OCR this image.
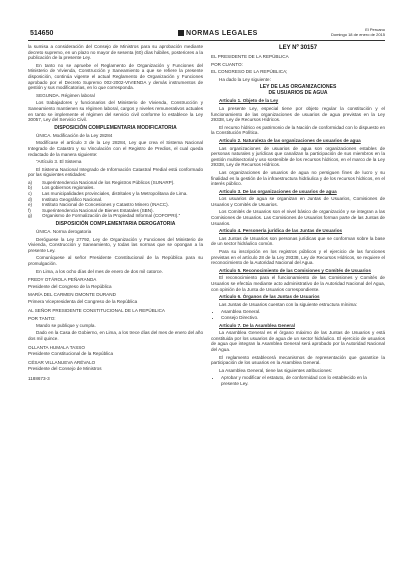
514650	NORMAS LEGALES
El Peruano
Domingo 18 de enero de 2015

la sumisa a consideración del Consejo de Ministros para su aprobación mediante decreto supremo, en un plazo no mayor de sesenta (60) días hábiles, posteriores a la publicación de la presente Ley.

En tanto no se apruebe el Reglamento de Organización y Funciones del Ministerio de Vivienda, Construcción y Saneamiento a que se refiere la presente disposición, continúa vigente el actual Reglamento de Organización y Funciones aprobado por el Decreto Supremo 002-2002-VIVIENDA y demás instrumentos de gestión y sus modificatorias, en lo que corresponda.

SEGUNDA. Régimen laboral

Los trabajadores y funcionarios del Ministerio de Vivienda, Construcción y Saneamiento mantienen su régimen laboral, cargos y niveles remunerativos actuales en tanto se implemente el régimen del servicio civil conforme lo establece la Ley 30057, Ley del Servicio Civil.

DISPOSICIÓN COMPLEMENTARIA MODIFICATORIA

ÚNICA. Modificación de la Ley 28284

Modifícase el artículo 3 de la Ley 28284, Ley que crea el Sistema Nacional Integrado de Catastro y su Vinculación con el Registro de Predios, el cual queda redactado de la manera siguiente:

“Artículo 3. El Sistema

El Sistema Nacional Integrado de Información Catastral Predial está conformado por las siguientes entidades:

a)	Superintendencia Nacional de los Registros Públicos (SUNARP).
b)	Los gobiernos regionales.
c)	Las municipalidades provinciales, distritales y la Metropolitana de Lima.
d)	Instituto Geográfico Nacional.
e)	Instituto Nacional de Concesiones y Catastro Minero (INACC).
f)	Superintendencia Nacional de Bienes Estatales (SBN).
g)	Organismo de Formalización de la Propiedad Informal (COFOPRI).”

DISPOSICIÓN COMPLEMENTARIA DEROGATORIA

ÚNICA. Norma derogatoria

Deróguese la Ley 27792, Ley de Organización y Funciones del Ministerio de Vivienda, Construcción y Saneamiento, y todas las normas que se opongan a la presente Ley.

Comuníquese al señor Presidente Constitucional de la República para su promulgación.

En Lima, a los ocho días del mes de enero de dos mil catorce.

FREDY OTÁROLA PEÑARANDA

Presidente del Congreso de la República

MARÍA DEL CARMEN OMONTE DURAND

Primera Vicepresidenta del Congreso de la República

AL SEÑOR PRESIDENTE CONSTITUCIONAL DE LA REPÚBLICA

POR TANTO:

Mando se publique y cumpla.

Dado en la Casa de Gobierno, en Lima, a los trece días del mes de enero del año dos mil quince.

OLLANTA HUMALA TASSO

Presidente Constitucional de la República

CÉSAR VILLANUEVA ARÉVALO

Presidente del Consejo de Ministros

1188673-3

LEY Nº 30157

EL PRESIDENTE DE LA REPÚBLICA

POR CUANTO:

EL CONGRESO DE LA REPÚBLICA;

Ha dado la Ley siguiente:

LEY DE LAS ORGANIZACIONES
DE USUARIOS DE AGUA

Artículo 1. Objeto de la Ley

La presente Ley, especial tiene por objeto regular la constitución y el funcionamiento de las organizaciones de usuarios de agua previstas en la Ley 29338, Ley de Recursos Hídricos.

El recurso hídrico es patrimonio de la Nación de conformidad con lo dispuesto en la Constitución Política.

Artículo 2. Naturaleza de las organizaciones de usuarios de agua

Las organizaciones de usuarios de agua son organizaciones estables de personas naturales y jurídicas que canalizan la participación de sus miembros en la gestión multisectorial y uso sostenible de los recursos hídricos, en el marco de la Ley 29338, Ley de Recursos Hídricos.

Las organizaciones de usuarios de agua no persiguen fines de lucro y su finalidad es la gestión de la infraestructura hidráulica y de los recursos hídricos, en el interés público.

Artículo 3. De las organizaciones de usuarios de agua

Los usuarios de agua se organizan en Juntas de Usuarios, Comisiones de Usuarios y Comités de Usuarios.

Los Comités de Usuarios son el nivel básico de organización y se integran a las Comisiones de Usuarios. Las Comisiones de Usuarios forman parte de las Juntas de Usuarios.

Artículo 4. Personería jurídica de las Juntas de Usuarios

Las Juntas de Usuarios son personas jurídicas que se conforman sobre la base de un sector hidráulico común.

Para su inscripción en los registros públicos y el ejercicio de las funciones previstas en el artículo 28 de la Ley 29338, Ley de Recursos Hídricos, se requiere el reconocimiento de la Autoridad Nacional del Agua.

Artículo 5. Reconocimiento de las Comisiones y Comités de Usuarios

El reconocimiento para el funcionamiento de las Comisiones y Comités de Usuarios se efectúa mediante acto administrativo de la Autoridad Nacional del Agua, con opinión de la Junta de Usuarios correspondiente.

Artículo 6. Órganos de las Juntas de Usuarios

Las Juntas de Usuarios cuentan con la siguiente estructura mínima:

• Asamblea General.
• Consejo Directivo.

Artículo 7. De la Asamblea General

La Asamblea General es el órgano máximo de las Juntas de Usuarios y está constituida por los usuarios de agua de un sector hidráulico. El ejercicio de usuarios de agua que integran la Asamblea General será aprobado por la Autoridad Nacional del Agua.

El reglamento establecerá mecanismos de representación que garantice la participación de los usuarios en la Asamblea General.

La Asamblea General, tiene las siguientes atribuciones:

• Aprobar y modificar el estatuto, de conformidad con lo establecido en la presente Ley.
